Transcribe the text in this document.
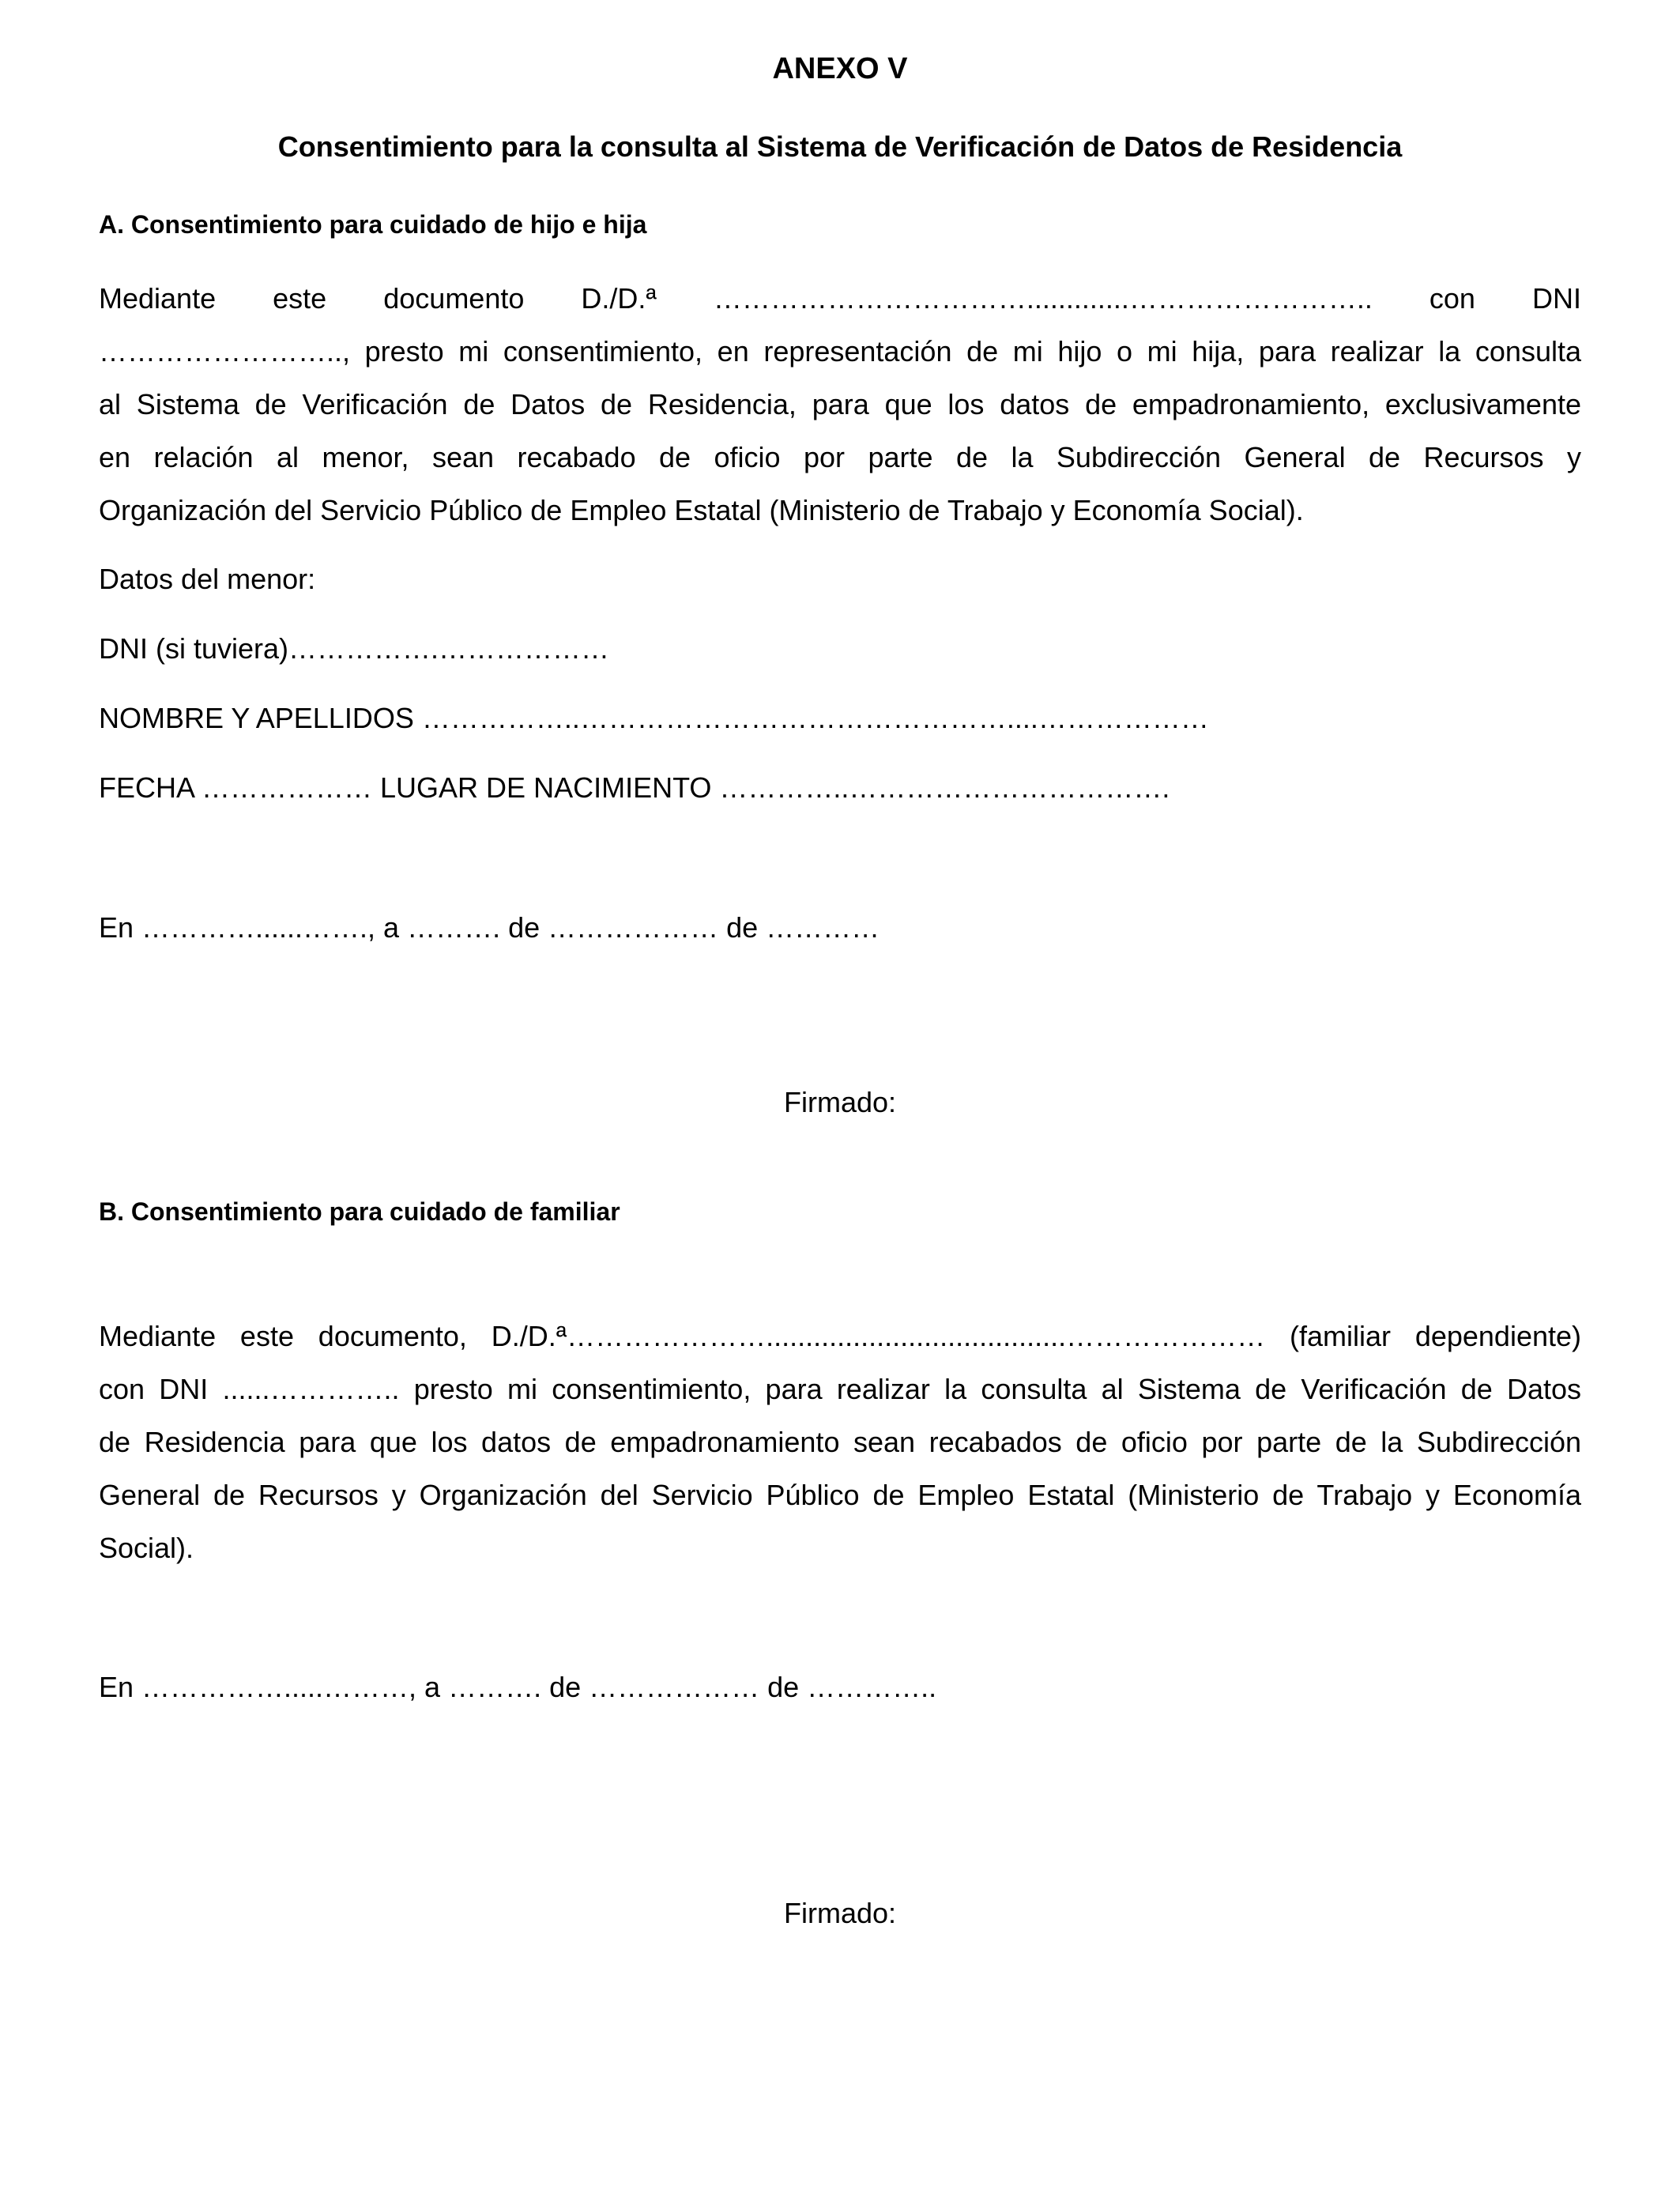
ANEXO V
Consentimiento para la consulta al Sistema de Verificación de Datos de Residencia
A. Consentimiento para cuidado de hijo e hija
Mediante este documento D./D.ª …………………………….............…………………….. con DNI
…………………….., presto mi consentimiento, en representación de mi hijo o mi hija, para realizar la consulta
al Sistema de Verificación de Datos de Residencia, para que los datos de empadronamiento, exclusivamente
en relación al menor, sean recabado de oficio por parte de la Subdirección General de Recursos y
Organización del Servicio Público de Empleo Estatal (Ministerio de Trabajo y Economía Social).

Datos del menor:

DNI (si tuviera)…………….………………

NOMBRE Y APELLIDOS ……………..………………………………………....………………

FECHA ……………… LUGAR DE NACIMIENTO …………..…………………………….

En …………......……., a ………. de ……………… de …………

Firmado:

B. Consentimiento para cuidado de familiar
Mediante este documento, D./D.ª…………………......................................………………… (familiar dependiente)
con DNI ......………….. presto mi consentimiento, para realizar la consulta al Sistema de Verificación de Datos
de Residencia para que los datos de empadronamiento sean recabados de oficio por parte de la Subdirección
General de Recursos y Organización del Servicio Público de Empleo Estatal (Ministerio de Trabajo y Economía
Social).

En …………….....………, a ………. de ……………… de …………..

Firmado:
